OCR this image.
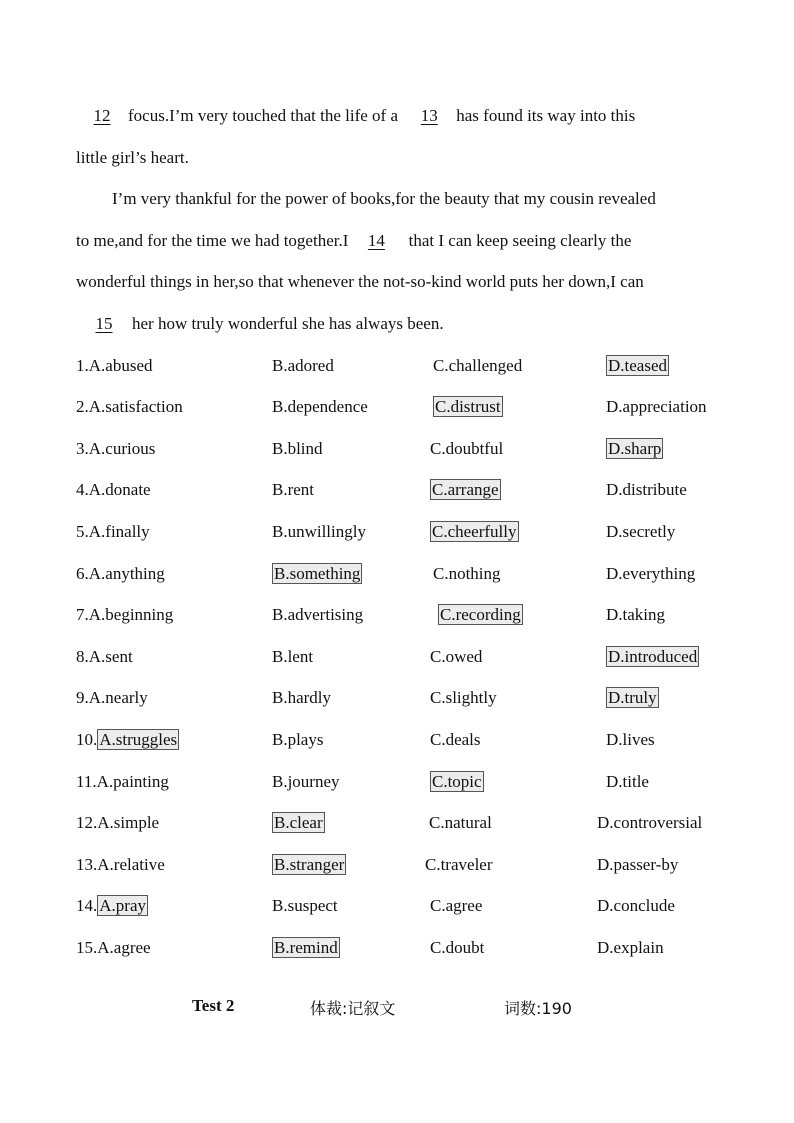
12 focus.I’m very touched that the life of a 13 has found its way into this
little girl’s heart.
I’m very thankful for the power of books,for the beauty that my cousin revealed
to me,and for the time we had together.I 14 that I can keep seeing clearly the
wonderful things in her,so that whenever the not-so-kind world puts her down,I can
15 her how truly wonderful she has always been.
1.A.abused	B.adored	C.challenged	D.teased
2.A.satisfaction	B.dependence	C.distrust	D.appreciation
3.A.curious	B.blind	C.doubtful	D.sharp
4.A.donate	B.rent	C.arrange	D.distribute
5.A.finally	B.unwillingly	C.cheerfully	D.secretly
6.A.anything	B.something	C.nothing	D.everything
7.A.beginning	B.advertising	C.recording	D.taking
8.A.sent	B.lent	C.owed	D.introduced
9.A.nearly	B.hardly	C.slightly	D.truly
10. A.struggles	B.plays	C.deals	D.lives
11.A.painting	B.journey	C.topic	D.title
12.A.simple	B.clear	C.natural	D.controversial
13.A.relative	B.stranger	C.traveler	D.passer-by
14. A.pray	B.suspect	C.agree	D.conclude
15.A.agree	B.remind	C.doubt	D.explain
Test 2	体裁:记叙文	词数:190
